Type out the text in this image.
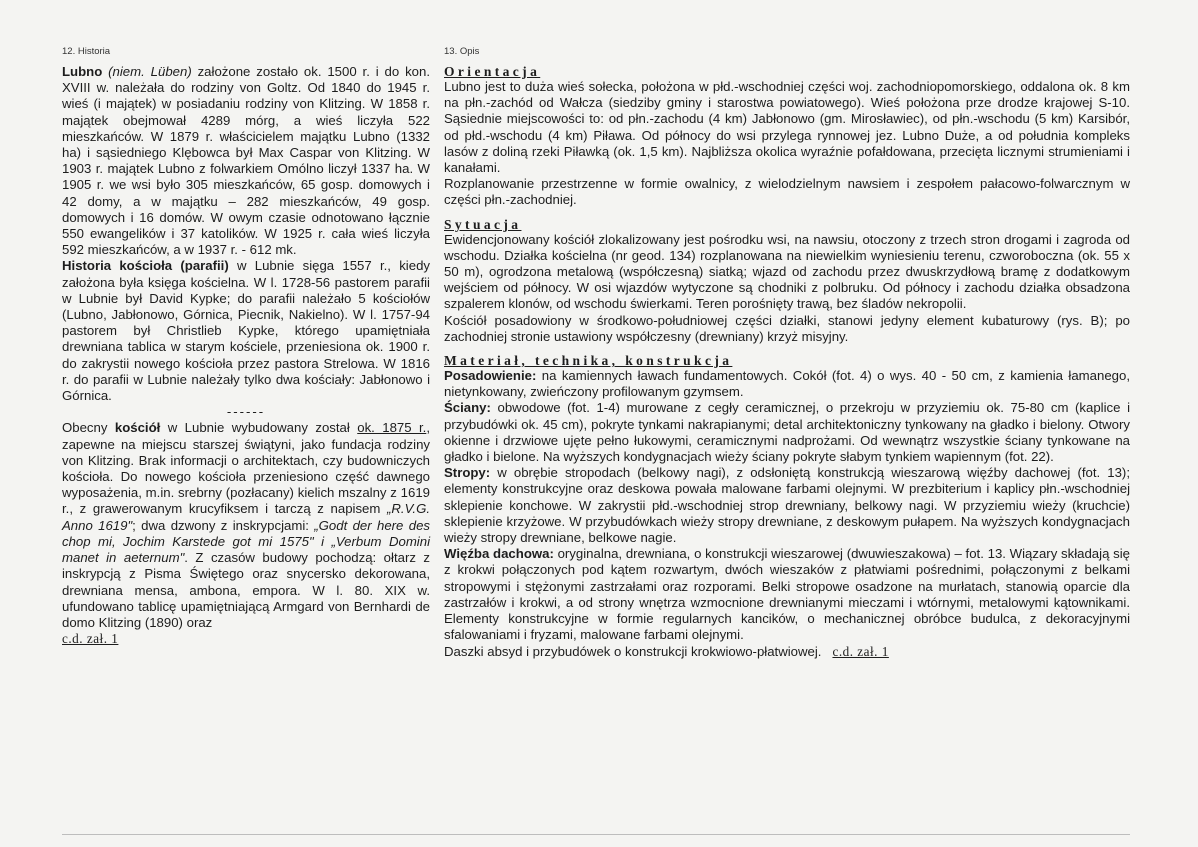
12. Historia

Lubno (niem. Lüben) założone zostało ok. 1500 r. i do kon. XVIII w. należała do rodziny von Goltz. Od 1840 do 1945 r. wieś (i majątek) w posiadaniu rodziny von Klitzing. W 1858 r. majątek obejmował 4289 mórg, a wieś liczyła 522 mieszkańców. W 1879 r. właścicielem majątku Lubno (1332 ha) i sąsiedniego Klębowca był Max Caspar von Klitzing. W 1903 r. majątek Lubno z folwarkiem Omólno liczył 1337 ha. W 1905 r. we wsi było 305 mieszkańców, 65 gosp. domowych i 42 domy, a w majątku – 282 mieszkańców, 49 gosp. domowych i 16 domów. W owym czasie odnotowano łącznie 550 ewangelików i 37 katolików. W 1925 r. cała wieś liczyła 592 mieszkańców, a w 1937 r. - 612 mk.

Historia kościoła (parafii) w Lubnie sięga 1557 r., kiedy założona była księga kościelna. W l. 1728-56 pastorem parafii w Lubnie był David Kypke; do parafii należało 5 kościołów (Lubno, Jabłonowo, Górnica, Piecnik, Nakielno). W l. 1757-94 pastorem był Christlieb Kypke, którego upamiętniała drewniana tablica w starym kościele, przeniesiona ok. 1900 r. do zakrystii nowego kościoła przez pastora Strelowa. W 1816 r. do parafii w Lubnie należały tylko dwa kościały: Jabłonowo i Górnica.

------

Obecny kościół w Lubnie wybudowany został ok. 1875 r., zapewne na miejscu starszej świątyni, jako fundacja rodziny von Klitzing. Brak informacji o architektach, czy budowniczych kościoła. Do nowego kościoła przeniesiono część dawnego wyposażenia, m.in. srebrny (pozłacany) kielich mszalny z 1619 r., z grawerowanym krucyfiksem i tarczą z napisem „R.V.G. Anno 1619"; dwa dzwony z inskrypcjami: „Godt der here des chop mi, Jochim Karstede got mi 1575" i „Verbum Domini manet in aeternum". Z czasów budowy pochodzą: ołtarz z inskrypcją z Pisma Świętego oraz snycersko dekorowana, drewniana mensa, ambona, empora. W l. 80. XIX w. ufundowano tablicę upamiętniającą Armgard von Bernhardi de domo Klitzing (1890) oraz
c.d. zał. 1

13. Opis
Orientacja

Lubno jest to duża wieś sołecka, położona w płd.-wschodniej części woj. zachodniopomorskiego, oddalona ok. 8 km na płn.-zachód od Wałcza (siedziby gminy i starostwa powiatowego). Wieś położona prze drodze krajowej S-10. Sąsiednie miejscowości to: od płn.-zachodu (4 km) Jabłonowo (gm. Mirosławiec), od płn.-wschodu (5 km) Karsibór, od płd.-wschodu (4 km) Piława. Od północy do wsi przylega rynnowej jez. Lubno Duże, a od południa kompleks lasów z doliną rzeki Piławką (ok. 1,5 km). Najbliższa okolica wyraźnie pofałdowana, przecięta licznymi strumieniami i kanałami.

Rozplanowanie przestrzenne w formie owalnicy, z wielodzielnym nawsiem i zespołem pałacowo-folwarcznym w części płn.-zachodniej.

Sytuacja

Ewidencjonowany kościół zlokalizowany jest pośrodku wsi, na nawsiu, otoczony z trzech stron drogami i zagroda od wschodu. Działka kościelna (nr geod. 134) rozplanowana na niewielkim wyniesieniu terenu, czworoboczna (ok. 55 x 50 m), ogrodzona metalową (współczesną) siatką; wjazd od zachodu przez dwuskrzydłową bramę z dodatkowym wejściem od północy. W osi wjazdów wytyczone są chodniki z polbruku. Od północy i zachodu działka obsadzona szpalerem klonów, od wschodu świerkami. Teren porośnięty trawą, bez śladów nekropolii.

Kościół posadowiony w środkowo-południowej części działki, stanowi jedyny element kubaturowy (rys. B); po zachodniej stronie ustawiony współczesny (drewniany) krzyż misyjny.

Materiał, technika, konstrukcja

Posadowienie: na kamiennych ławach fundamentowych. Cokół (fot. 4) o wys. 40 - 50 cm, z kamienia łamanego, nietynkowany, zwieńczony profilowanym gzymsem.

Ściany: obwodowe (fot. 1-4) murowane z cegły ceramicznej, o przekroju w przyziemiu ok. 75-80 cm (kaplice i przybudówki ok. 45 cm), pokryte tynkami nakrapianymi; detal architektoniczny tynkowany na gładko i bielony. Otwory okienne i drzwiowe ujęte pełno łukowymi, ceramicznymi nadprożami. Od wewnątrz wszystkie ściany tynkowane na gładko i bielone. Na wyższych kondygnacjach wieży ściany pokryte słabym tynkiem wapiennym (fot. 22).

Stropy: w obrębie stropodach (belkowy nagi), z odsłoniętą konstrukcją wieszarową więźby dachowej (fot. 13); elementy konstrukcyjne oraz deskowa powała malowane farbami olejnymi. W prezbiterium i kaplicy płn.-wschodniej sklepienie konchowe. W zakrystii płd.-wschodniej strop drewniany, belkowy nagi. W przyziemiu wieży (kruchcie) sklepienie krzyżowe. W przybudówkach wieży stropy drewniane, z deskowym pułapem. Na wyższych kondygnacjach wieży stropy drewniane, belkowe nagie.

Więźba dachowa: oryginalna, drewniana, o konstrukcji wieszarowej (dwuwieszakowa) – fot. 13. Wiązary składają się z krokwi połączonych pod kątem rozwartym, dwóch wieszaków z płatwiami pośrednimi, połączonymi z belkami stropowymi i stężonymi zastrzałami oraz rozporami. Belki stropowe osadzone na murłatach, stanowią oparcie dla zastrzałów i krokwi, a od strony wnętrza wzmocnione drewnianymi mieczami i wtórnymi, metalowymi kątownikami. Elementy konstrukcyjne w formie regularnych kancików, o mechanicznej obróbce budulca, z dekoracyjnymi sfalowaniami i fryzami, malowane farbami olejnymi.

Daszki absyd i przybudówek o konstrukcji krokwiowo-płatwiowej. c.d. zał. 1
